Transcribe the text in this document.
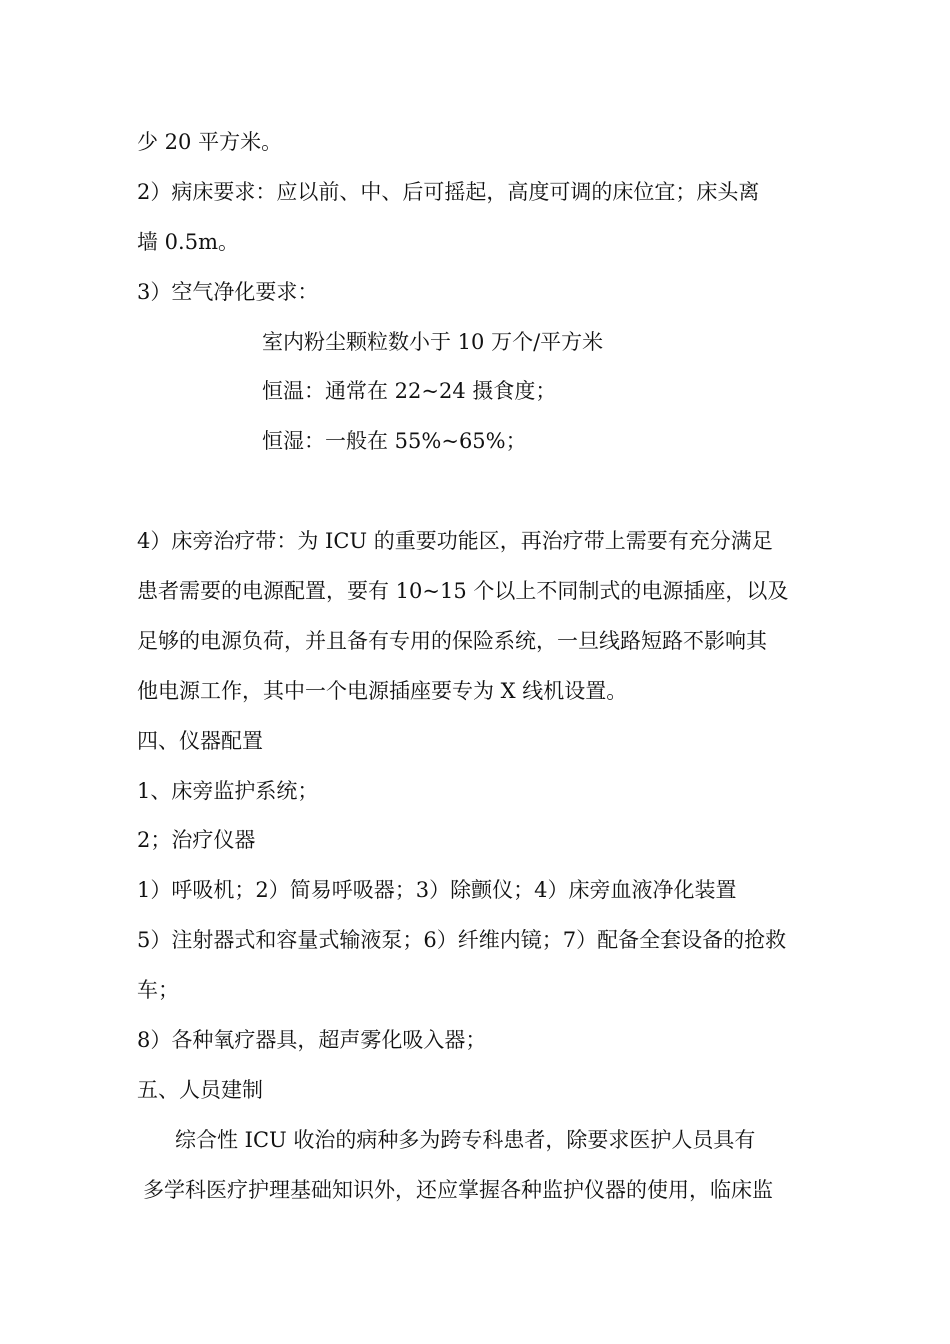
少 20 平方米。
2）病床要求：应以前、中、后可摇起，高度可调的床位宜；床头离
墙 0.5m。
3）空气净化要求：
室内粉尘颗粒数小于 10 万个/平方米
恒温：通常在 22~24 摄食度；
恒湿：一般在 55%~65%；
4）床旁治疗带：为 ICU 的重要功能区，再治疗带上需要有充分满足
患者需要的电源配置，要有 10~15 个以上不同制式的电源插座，以及
足够的电源负荷，并且备有专用的保险系统，一旦线路短路不影响其
他电源工作，其中一个电源插座要专为 X 线机设置。
四、仪器配置
1、床旁监护系统；
2；治疗仪器
1）呼吸机；2）简易呼吸器；3）除颤仪；4）床旁血液净化装置
5）注射器式和容量式输液泵；6）纤维内镜；7）配备全套设备的抢救
车；
8）各种氧疗器具，超声雾化吸入器；
五、人员建制
综合性 ICU 收治的病种多为跨专科患者，除要求医护人员具有
多学科医疗护理基础知识外，还应掌握各种监护仪器的使用，临床监
